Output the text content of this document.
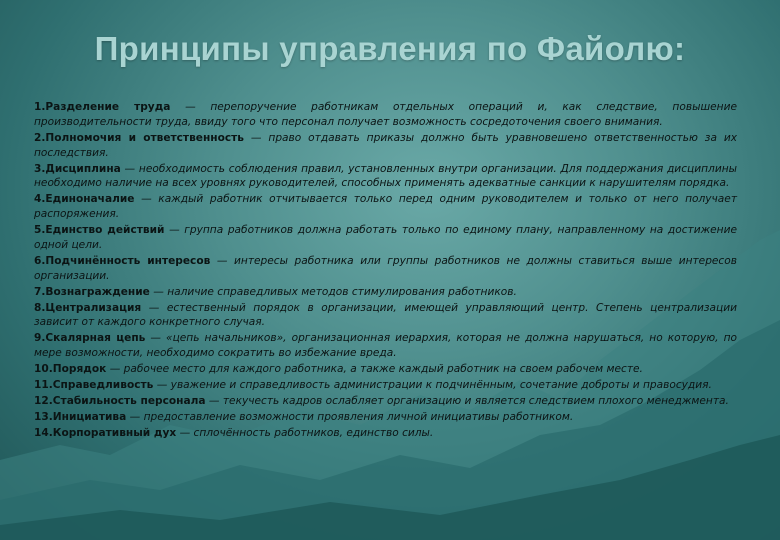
Принципы управления по Файолю:

1.Разделение труда — перепоручение работникам отдельных операций и, как следствие, повышение производительности труда, ввиду того что персонал получает возможность сосредоточения своего внимания.

2.Полномочия и ответственность — право отдавать приказы должно быть уравновешено ответственностью за их последствия.

3.Дисциплина — необходимость соблюдения правил, установленных внутри организации. Для поддержания дисциплины необходимо наличие на всех уровнях руководителей, способных применять адекватные санкции к нарушителям порядка.

4.Единоначалие — каждый работник отчитывается только перед одним руководителем и только от него получает распоряжения.

5.Единство действий — группа работников должна работать только по единому плану, направленному на достижение одной цели.

6.Подчинённость интересов — интересы работника или группы работников не должны ставиться выше интересов организации.

7.Вознаграждение — наличие справедливых методов стимулирования работников.

8.Централизация — естественный порядок в организации, имеющей управляющий центр. Степень централизации зависит от каждого конкретного случая.

9.Скалярная цепь — «цепь начальников», организационная иерархия, которая не должна нарушаться, но которую, по мере возможности, необходимо сократить во избежание вреда.

10.Порядок — рабочее место для каждого работника, а также каждый работник на своем рабочем месте.

11.Справедливость — уважение и справедливость администрации к подчинённым, сочетание доброты и правосудия.

12.Стабильность персонала — текучесть кадров ослабляет организацию и является следствием плохого менеджмента.

13.Инициатива — предоставление возможности проявления личной инициативы работником.

14.Корпоративный дух — сплочённость работников, единство силы.
